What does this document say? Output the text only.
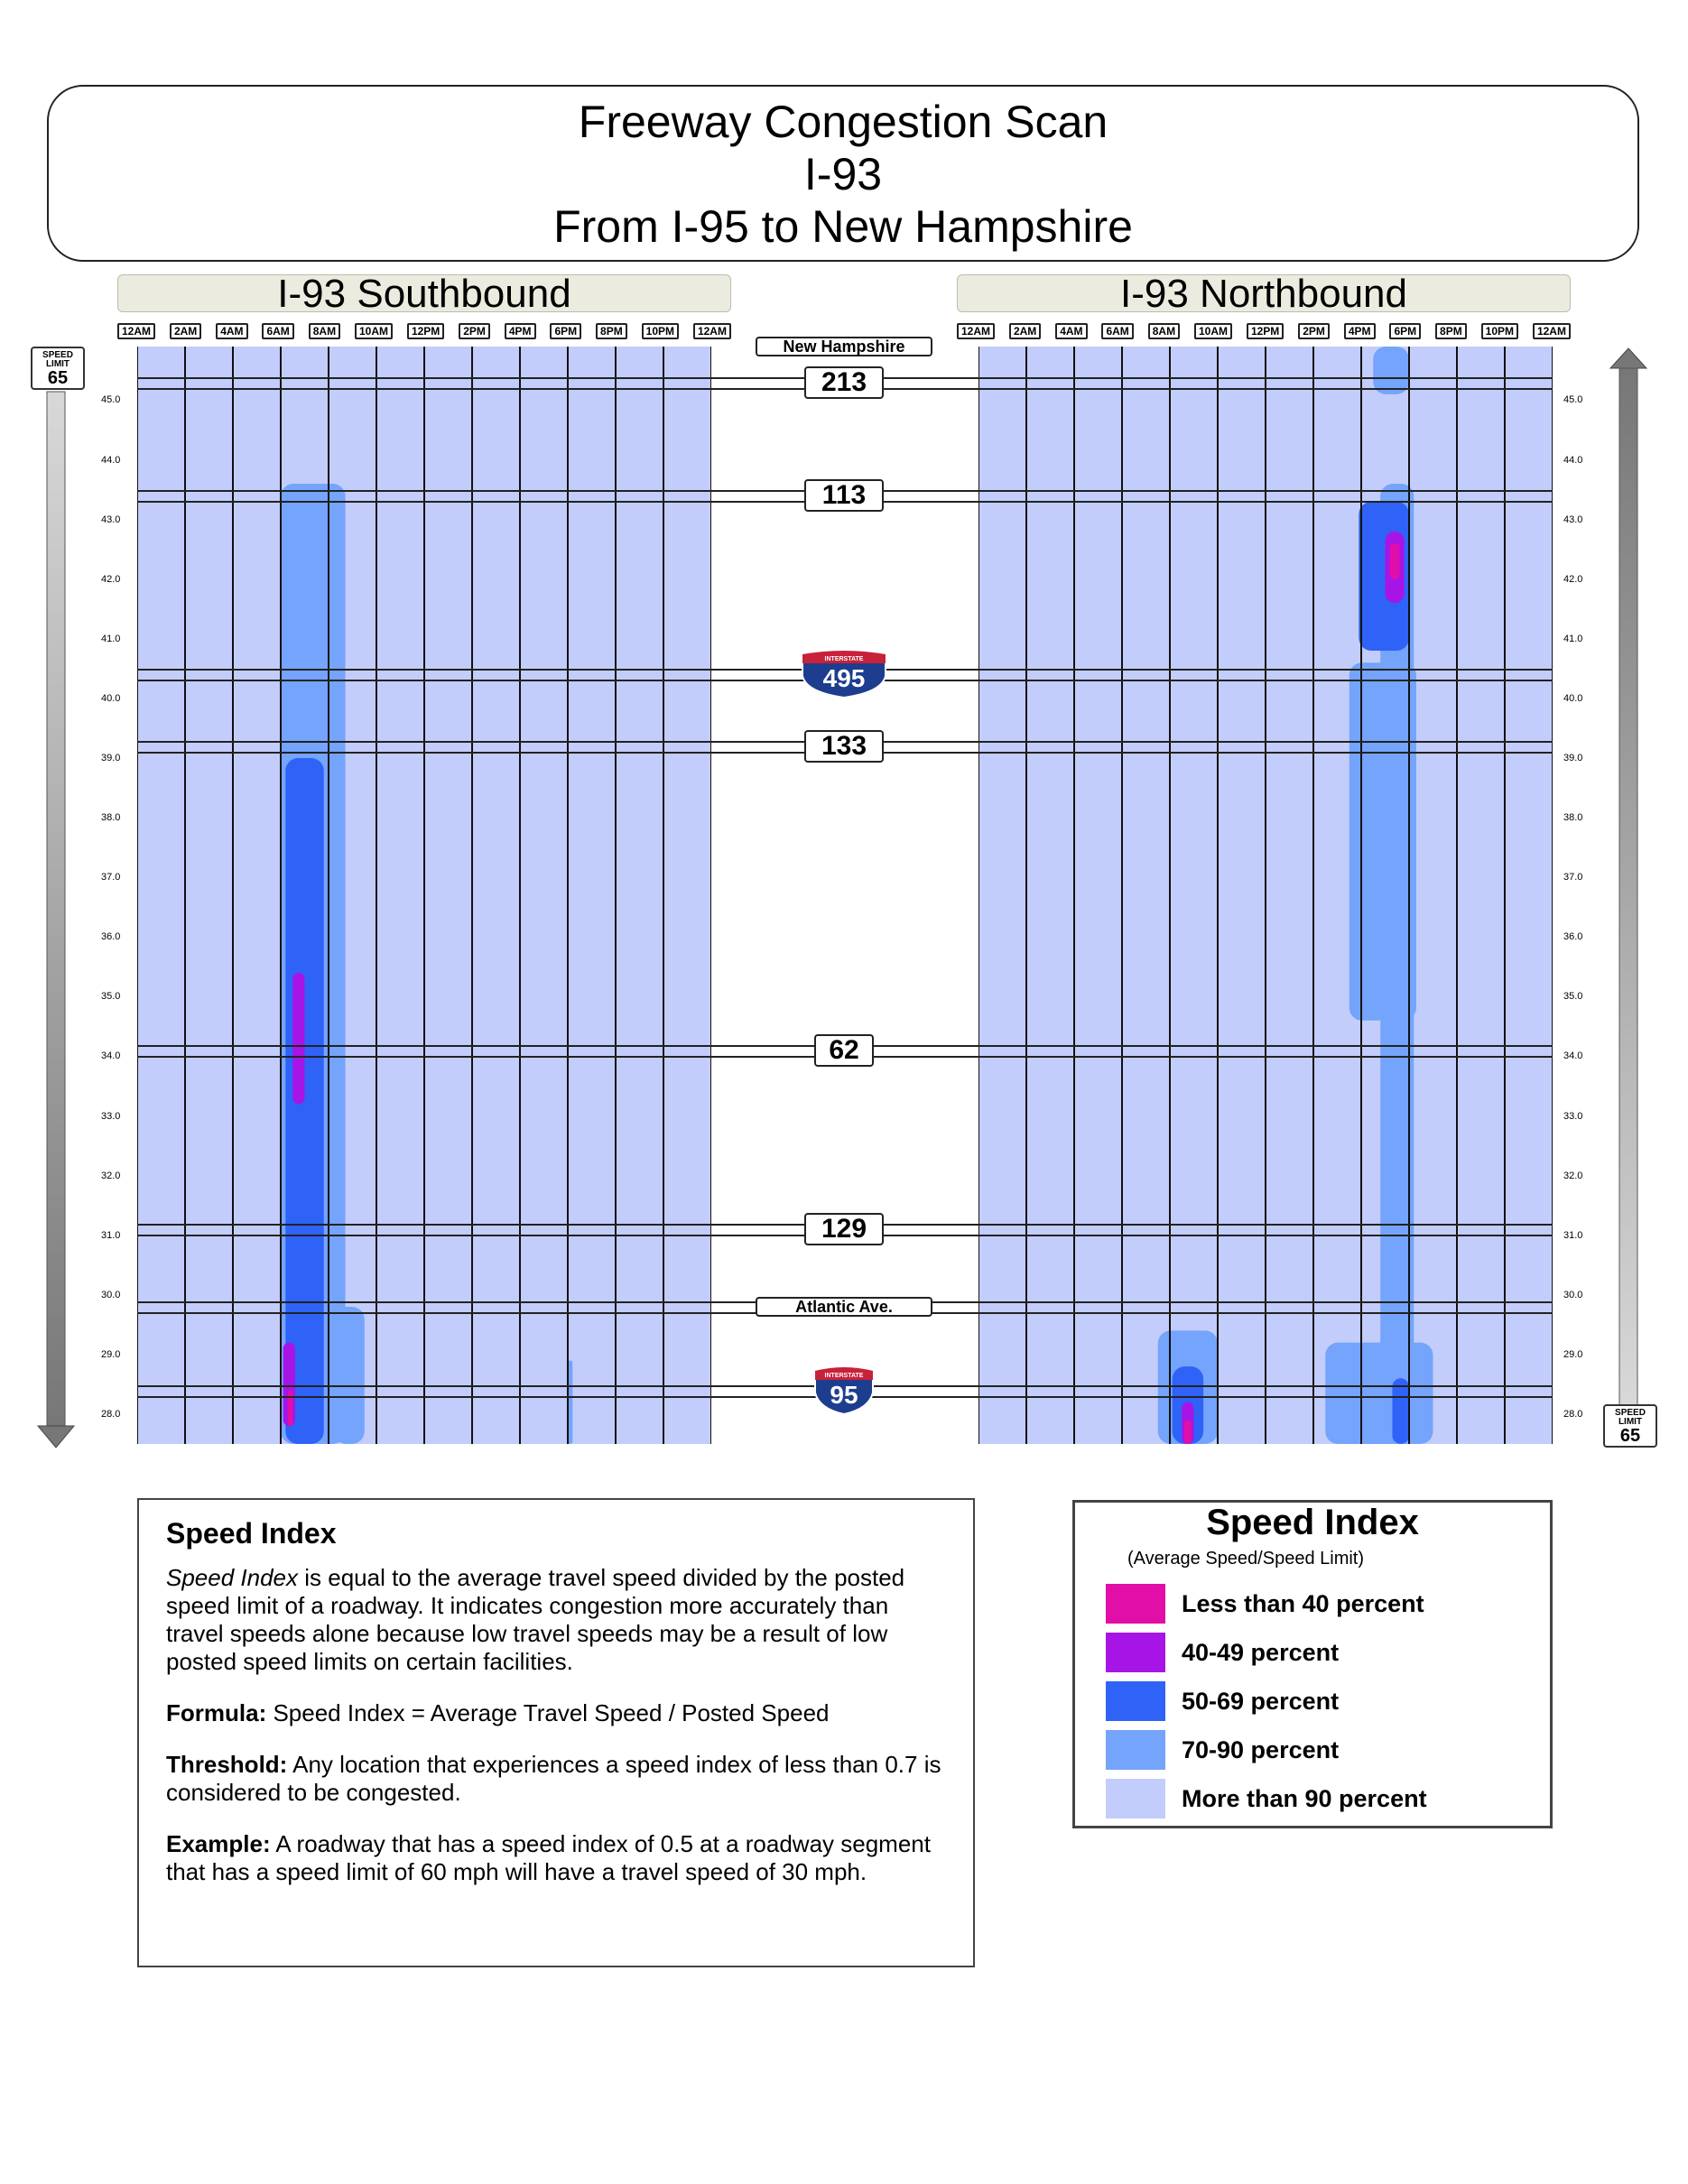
Freeway Congestion Scan
I-93
From I-95 to New Hampshire
I-93 Southbound	I-93 Northbound
12AM	2AM	4AM	6AM	8AM	10AM	12PM	2PM	4PM	6PM	8PM	10PM	12AM	12AM	2AM	4AM	6AM	8AM	10AM	12PM	2PM	4PM	6PM	8PM	10PM	12AM
45.0
44.0
43.0
42.0
41.0
40.0
39.0
38.0
37.0
36.0
35.0
34.0
33.0
32.0
31.0
30.0
29.0
28.0
45.0
44.0
43.0
42.0
41.0
40.0
39.0
38.0
37.0
36.0
35.0
34.0
33.0
32.0
31.0
30.0
29.0
28.0
New Hampshire
213
113
INTERSTATE
495
133
62
129
Atlantic Ave.
INTERSTATE
95
SPEED LIMIT
65
SPEED LIMIT
65
Speed Index

Speed Index is equal to the average travel speed divided by the posted speed limit of a roadway. It indicates congestion more accurately than travel speeds alone because low travel speeds may be a result of low posted speed limits on certain facilities.

Formula: Speed Index = Average Travel Speed / Posted Speed

Threshold: Any location that experiences a speed index of less than 0.7 is considered to be congested.

Example: A roadway that has a speed index of 0.5 at a roadway segment that has a speed limit of 60 mph will have a travel speed of 30 mph.

Speed Index
(Average Speed/Speed Limit)
Less than 40 percent
40-49 percent
50-69 percent
70-90 percent
More than 90 percent
